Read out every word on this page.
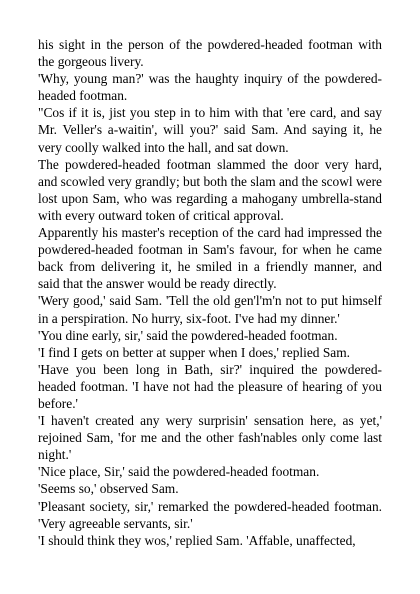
his sight in the person of the powdered-headed footman with the gorgeous livery.

'Why, young man?' was the haughty inquiry of the powdered-headed footman.

"Cos if it is, jist you step in to him with that 'ere card, and say Mr. Veller's a-waitin', will you?' said Sam. And saying it, he very coolly walked into the hall, and sat down.

The powdered-headed footman slammed the door very hard, and scowled very grandly; but both the slam and the scowl were lost upon Sam, who was regarding a mahogany umbrella-stand with every outward token of critical approval.

Apparently his master's reception of the card had impressed the powdered-headed footman in Sam's favour, for when he came back from delivering it, he smiled in a friendly manner, and said that the answer would be ready directly.

'Wery good,' said Sam. 'Tell the old gen'l'm'n not to put himself in a perspiration. No hurry, six-foot. I've had my dinner.'

'You dine early, sir,' said the powdered-headed footman.

'I find I gets on better at supper when I does,' replied Sam.

'Have you been long in Bath, sir?' inquired the powdered-headed footman. 'I have not had the pleasure of hearing of you before.'

'I haven't created any wery surprisin' sensation here, as yet,' rejoined Sam, 'for me and the other fash'nables only come last night.'

'Nice place, Sir,' said the powdered-headed footman.

'Seems so,' observed Sam.

'Pleasant society, sir,' remarked the powdered-headed footman. 'Very agreeable servants, sir.'

'I should think they wos,' replied Sam. 'Affable, unaffected,
